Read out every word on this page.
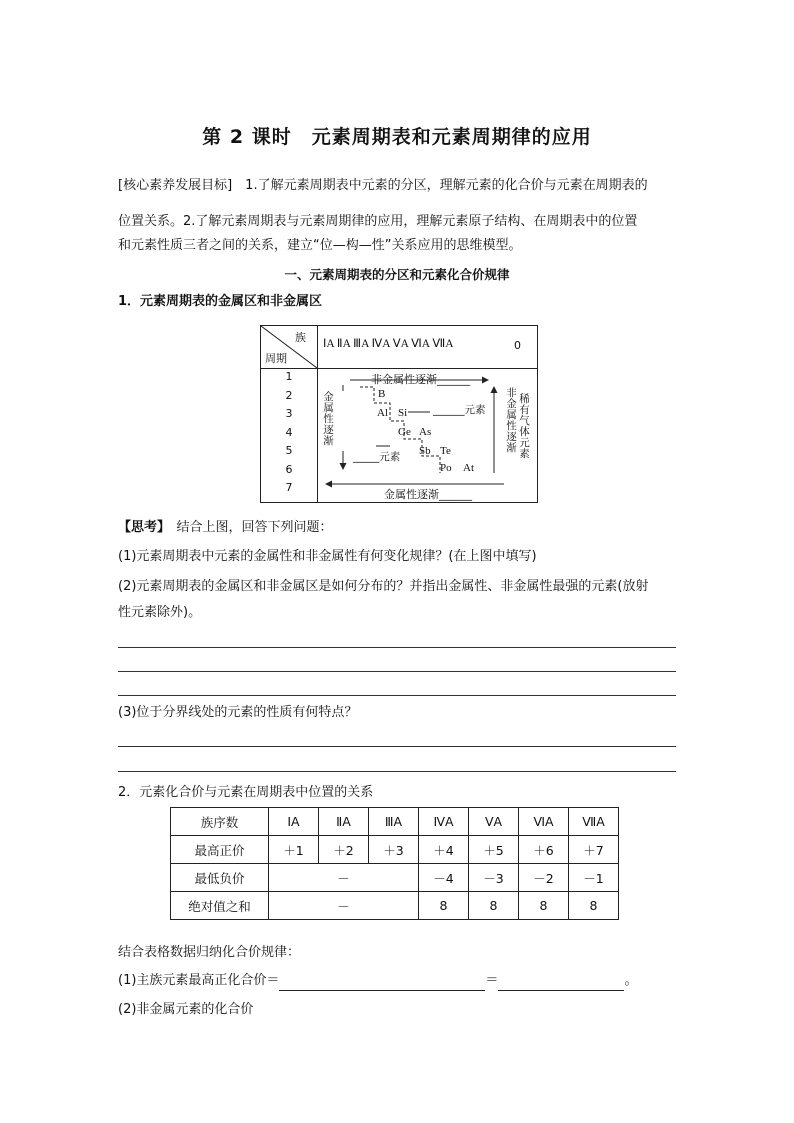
第 2 课时　元素周期表和元素周期律的应用
[核心素养发展目标]　 1.了解元素周期表中元素的分区，理解元素的化合价与元素在周期表的
位置关系。2.了解元素周期表与元素周期律的应用，理解元素原子结构、在周期表中的位置
和元素性质三者之间的关系，建立“位—构—性”关系应用的思维模型。
一、元素周期表的分区和元素化合价规律
1．元素周期表的金属区和非金属区
族
周期
ⅠA ⅡA ⅢA ⅣA ⅤA ⅥA ⅦA	0
1
2
3
4
5
6
7
非金属性逐渐______
金属性逐渐______
金属性逐渐
非金属性逐渐
稀有气体元素
B
Al Si
Ge As
Sb Te
Po At
______元素
_____元素
【思考】　 结合上图，回答下列问题：
(1)元素周期表中元素的金属性和非金属性有何变化规律？(在上图中填写)
(2)元素周期表的金属区和非金属区是如何分布的？并指出金属性、非金属性最强的元素(放射
性元素除外)。
(3)位于分界线处的元素的性质有何特点？
2．元素化合价与元素在周期表中位置的关系
族序数	ⅠA	ⅡA	ⅢA	ⅣA	ⅤA	ⅥA	ⅦA
最高正价	＋1	＋2	＋3	＋4	＋5	＋6	＋7
最低负价	－			－4	－3	－2	－1
绝对值之和	－			8	8	8	8
结合表格数据归纳化合价规律：
(1)主族元素最高正化合价＝	＝	。
(2)非金属元素的化合价
